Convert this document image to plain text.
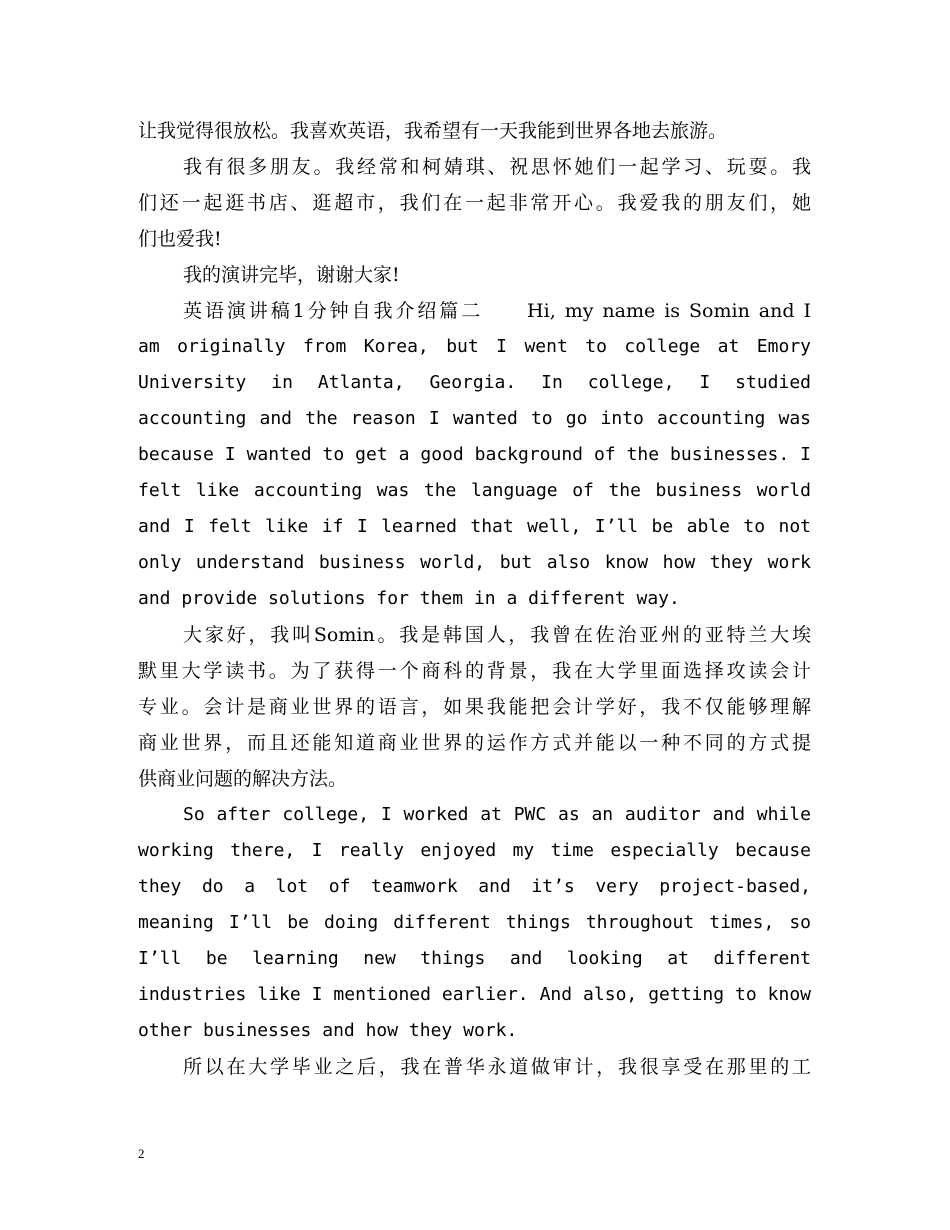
让我觉得很放松。我喜欢英语，我希望有一天我能到世界各地去旅游。
我有很多朋友。我经常和柯婧琪、祝思怀她们一起学习、玩耍。我
们还一起逛书店、逛超市，我们在一起非常开心。我爱我的朋友们，她
们也爱我!
我的演讲完毕，谢谢大家!
英语演讲稿1分钟自我介绍篇二　　Hi, my name is Somin and I
am originally from Korea, but I went to college at Emory
University in Atlanta, Georgia. In college, I studied
accounting and the reason I wanted to go into accounting was
because I wanted to get a good background of the businesses. I
felt like accounting was the language of the business world
and I felt like if I learned that well, I’ll be able to not
only understand business world, but also know how they work
and provide solutions for them in a different way.
大家好，我叫Somin。我是韩国人，我曾在佐治亚州的亚特兰大埃
默里大学读书。为了获得一个商科的背景，我在大学里面选择攻读会计
专业。会计是商业世界的语言，如果我能把会计学好，我不仅能够理解
商业世界，而且还能知道商业世界的运作方式并能以一种不同的方式提
供商业问题的解决方法。
So after college, I worked at PWC as an auditor and while
working there, I really enjoyed my time especially because
they do a lot of teamwork and it’s very project-based,
meaning I’ll be doing different things throughout times, so
I’ll be learning new things and looking at different
industries like I mentioned earlier. And also, getting to know
other businesses and how they work.
所以在大学毕业之后，我在普华永道做审计，我很享受在那里的工
2
